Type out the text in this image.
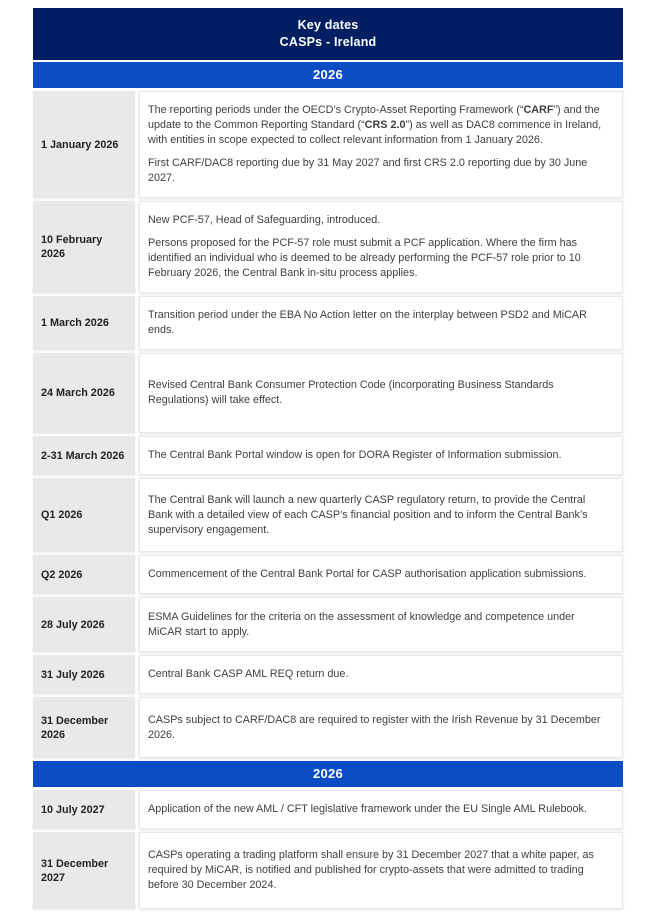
Key dates
CASPs - Ireland
2026
1 January 2026

The reporting periods under the OECD’s Crypto-Asset Reporting Framework (“CARF”) and the update to the Common Reporting Standard (“CRS 2.0”) as well as DAC8 commence in Ireland, with entities in scope expected to collect relevant information from 1 January 2026.

First CARF/DAC8 reporting due by 31 May 2027 and first CRS 2.0 reporting due by 30 June 2027.

10 February 2026

New PCF-57, Head of Safeguarding, introduced.

Persons proposed for the PCF-57 role must submit a PCF application. Where the firm has identified an individual who is deemed to be already performing the PCF-57 role prior to 10 February 2026, the Central Bank in-situ process applies.

1 March 2026

Transition period under the EBA No Action letter on the interplay between PSD2 and MiCAR ends.

24 March 2026

Revised Central Bank Consumer Protection Code (incorporating Business Standards Regulations) will take effect.

2-31 March 2026 The Central Bank Portal window is open for DORA Register of Information submission.

Q1 2026

The Central Bank will launch a new quarterly CASP regulatory return, to provide the Central Bank with a detailed view of each CASP’s financial position and to inform the Central Bank’s supervisory engagement.

Q2 2026	Commencement of the Central Bank Portal for CASP authorisation application submissions.

28 July 2026

ESMA Guidelines for the criteria on the assessment of knowledge and competence under MiCAR start to apply.

31 July 2026	Central Bank CASP AML REQ return due.

31 December 2026

CASPs subject to CARF/DAC8 are required to register with the Irish Revenue by 31 December 2026.

2026
10 July 2027	Application of the new AML / CFT legislative framework under the EU Single AML Rulebook.

31 December 2027

CASPs operating a trading platform shall ensure by 31 December 2027 that a white paper, as required by MiCAR, is notified and published for crypto-assets that were admitted to trading before 30 December 2024.
